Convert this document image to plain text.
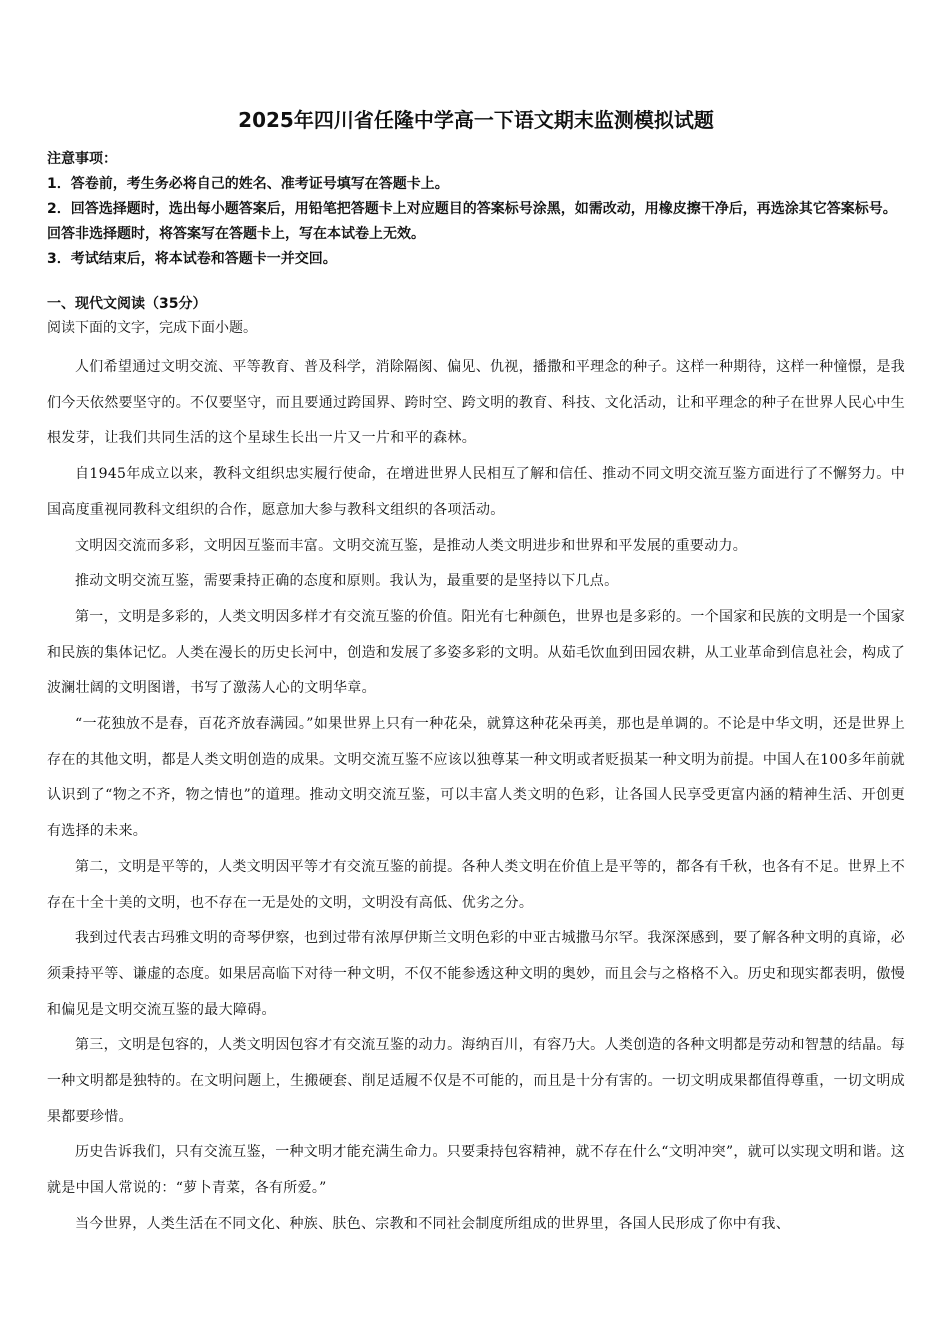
2025年四川省任隆中学高一下语文期末监测模拟试题
注意事项：
1．答卷前，考生务必将自己的姓名、准考证号填写在答题卡上。
2．回答选择题时，选出每小题答案后，用铅笔把答题卡上对应题目的答案标号涂黑，如需改动，用橡皮擦干净后，再选涂其它答案标号。回答非选择题时，将答案写在答题卡上，写在本试卷上无效。
3．考试结束后，将本试卷和答题卡一并交回。
一、现代文阅读（35分）
阅读下面的文字，完成下面小题。

人们希望通过文明交流、平等教育、普及科学，消除隔阂、偏见、仇视，播撒和平理念的种子。这样一种期待，这样一种憧憬，是我们今天依然要坚守的。不仅要坚守，而且要通过跨国界、跨时空、跨文明的教育、科技、文化活动，让和平理念的种子在世界人民心中生根发芽，让我们共同生活的这个星球生长出一片又一片和平的森林。

自1945年成立以来，教科文组织忠实履行使命，在增进世界人民相互了解和信任、推动不同文明交流互鉴方面进行了不懈努力。中国高度重视同教科文组织的合作，愿意加大参与教科文组织的各项活动。

文明因交流而多彩，文明因互鉴而丰富。文明交流互鉴，是推动人类文明进步和世界和平发展的重要动力。

推动文明交流互鉴，需要秉持正确的态度和原则。我认为，最重要的是坚持以下几点。

第一，文明是多彩的，人类文明因多样才有交流互鉴的价值。阳光有七种颜色，世界也是多彩的。一个国家和民族的文明是一个国家和民族的集体记忆。人类在漫长的历史长河中，创造和发展了多姿多彩的文明。从茹毛饮血到田园农耕，从工业革命到信息社会，构成了波澜壮阔的文明图谱，书写了激荡人心的文明华章。

“一花独放不是春，百花齐放春满园。”如果世界上只有一种花朵，就算这种花朵再美，那也是单调的。不论是中华文明，还是世界上存在的其他文明，都是人类文明创造的成果。文明交流互鉴不应该以独尊某一种文明或者贬损某一种文明为前提。中国人在100多年前就认识到了“物之不齐，物之情也”的道理。推动文明交流互鉴，可以丰富人类文明的色彩，让各国人民享受更富内涵的精神生活、开创更有选择的未来。

第二，文明是平等的，人类文明因平等才有交流互鉴的前提。各种人类文明在价值上是平等的，都各有千秋，也各有不足。世界上不存在十全十美的文明，也不存在一无是处的文明，文明没有高低、优劣之分。

我到过代表古玛雅文明的奇琴伊察，也到过带有浓厚伊斯兰文明色彩的中亚古城撒马尔罕。我深深感到，要了解各种文明的真谛，必须秉持平等、谦虚的态度。如果居高临下对待一种文明，不仅不能参透这种文明的奥妙，而且会与之格格不入。历史和现实都表明，傲慢和偏见是文明交流互鉴的最大障碍。

第三，文明是包容的，人类文明因包容才有交流互鉴的动力。海纳百川，有容乃大。人类创造的各种文明都是劳动和智慧的结晶。每一种文明都是独特的。在文明问题上，生搬硬套、削足适履不仅是不可能的，而且是十分有害的。一切文明成果都值得尊重，一切文明成果都要珍惜。

历史告诉我们，只有交流互鉴，一种文明才能充满生命力。只要秉持包容精神，就不存在什么“文明冲突”，就可以实现文明和谐。这就是中国人常说的：“萝卜青菜，各有所爱。”

当今世界，人类生活在不同文化、种族、肤色、宗教和不同社会制度所组成的世界里，各国人民形成了你中有我、
